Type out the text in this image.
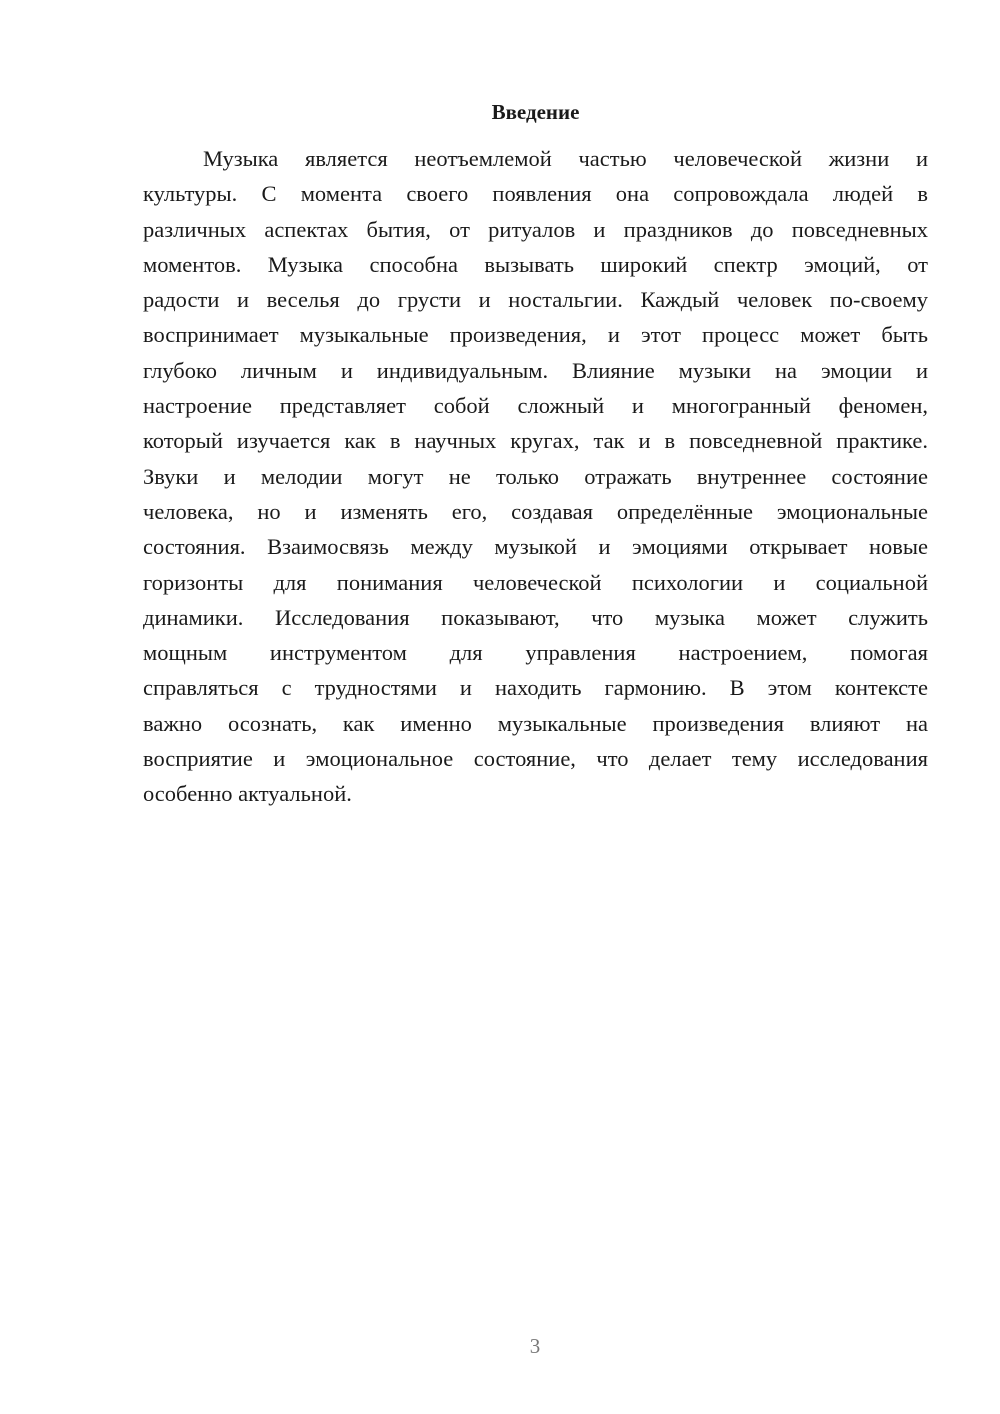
Введение
Музыка является неотъемлемой частью человеческой жизни и
культуры. С момента своего появления она сопровождала людей в
различных аспектах бытия, от ритуалов и праздников до повседневных
моментов. Музыка способна вызывать широкий спектр эмоций, от
радости и веселья до грусти и ностальгии. Каждый человек по-своему
воспринимает музыкальные произведения, и этот процесс может быть
глубоко личным и индивидуальным. Влияние музыки на эмоции и
настроение представляет собой сложный и многогранный феномен,
который изучается как в научных кругах, так и в повседневной практике.
Звуки и мелодии могут не только отражать внутреннее состояние
человека, но и изменять его, создавая определённые эмоциональные
состояния. Взаимосвязь между музыкой и эмоциями открывает новые
горизонты для понимания человеческой психологии и социальной
динамики. Исследования показывают, что музыка может служить
мощным инструментом для управления настроением, помогая
справляться с трудностями и находить гармонию. В этом контексте
важно осознать, как именно музыкальные произведения влияют на
восприятие и эмоциональное состояние, что делает тему исследования
особенно актуальной.
3
